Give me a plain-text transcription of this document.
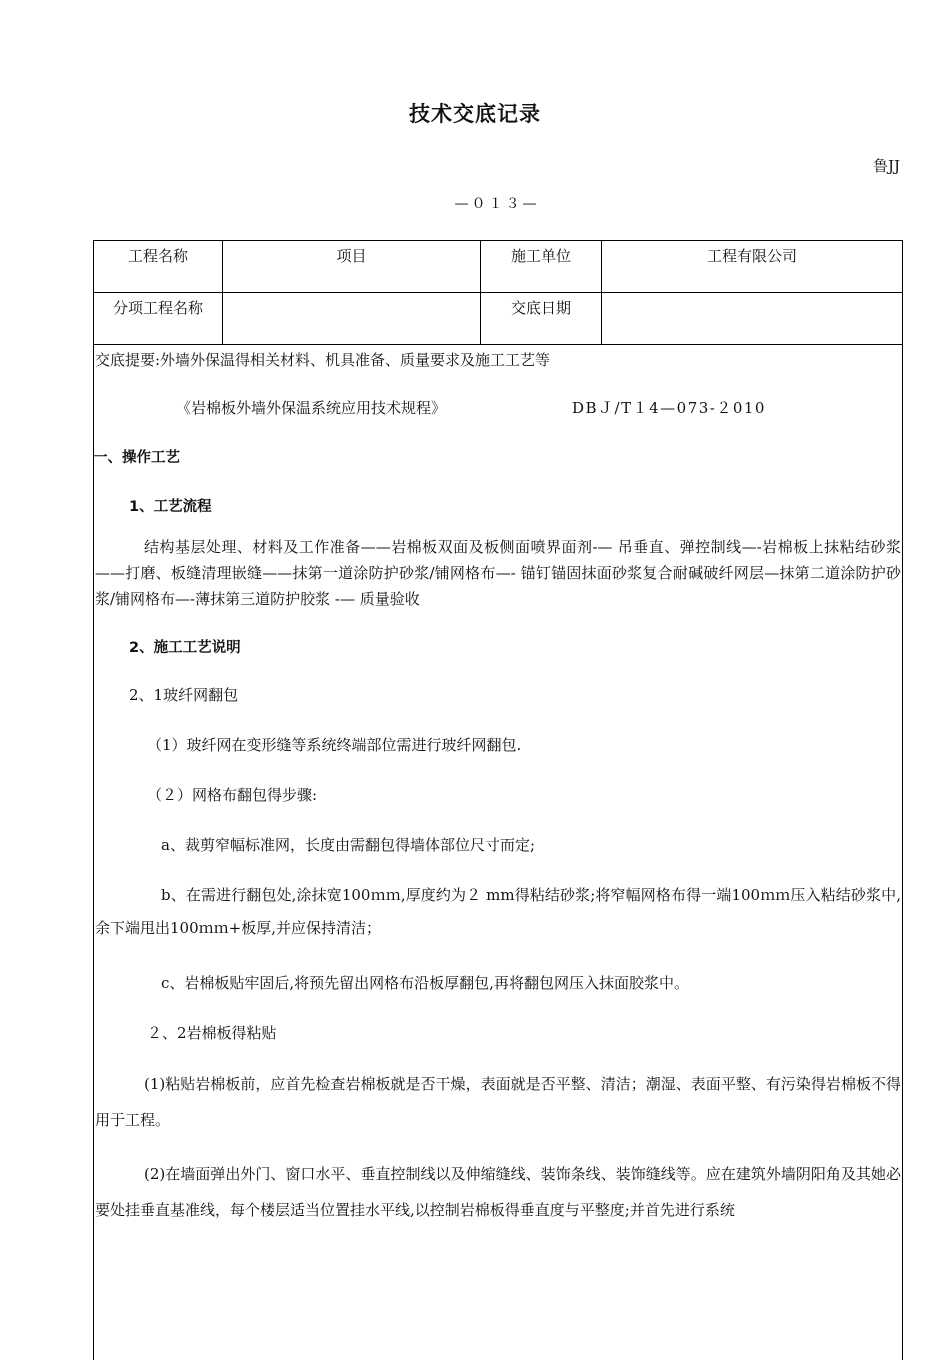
技术交底记录
鲁JJ
—０１３—
工程名称	项目	施工单位	工程有限公司
分项工程名称		交底日期	
交底提要:外墙外保温得相关材料、机具准备、质量要求及施工工艺等
《岩棉板外墙外保温系统应用技术规程》	DBＪ/T１4—073-２010
一、操作工艺
1、工艺流程
结构基层处理、材料及工作准备——岩棉板双面及板侧面喷界面剂-— 吊垂直、弹控制线—-岩棉板上抹粘结砂浆——打磨、板缝清理嵌缝——抹第一道涂防护砂浆/铺网格布—- 锚钉锚固抹面砂浆复合耐碱破纤网层—抹第二道涂防护砂浆/铺网格布—-薄抹第三道防护胶浆 -— 质量验收
2、施工工艺说明
2、1玻纤网翻包
（1）玻纤网在变形缝等系统终端部位需进行玻纤网翻包.
（２）网格布翻包得步骤:
a、裁剪窄幅标准网，长度由需翻包得墙体部位尺寸而定;
b、在需进行翻包处,涂抹宽100ｍｍ,厚度约为２ mm得粘结砂浆;将窄幅网格布得一端100ｍｍ压入粘结砂浆中,余下端甩出100ｍｍ+板厚,并应保持清洁；
c、岩棉板贴牢固后,将预先留出网格布沿板厚翻包,再将翻包网压入抹面胶浆中。
２、2岩棉板得粘贴
(1)粘贴岩棉板前，应首先检查岩棉板就是否干燥，表面就是否平整、清洁；潮湿、表面平整、有污染得岩棉板不得用于工程。
(2)在墙面弹出外门、窗口水平、垂直控制线以及伸缩缝线、装饰条线、装饰缝线等。应在建筑外墙阴阳角及其她必要处挂垂直基准线，每个楼层适当位置挂水平线,以控制岩棉板得垂直度与平整度;并首先进行系统
